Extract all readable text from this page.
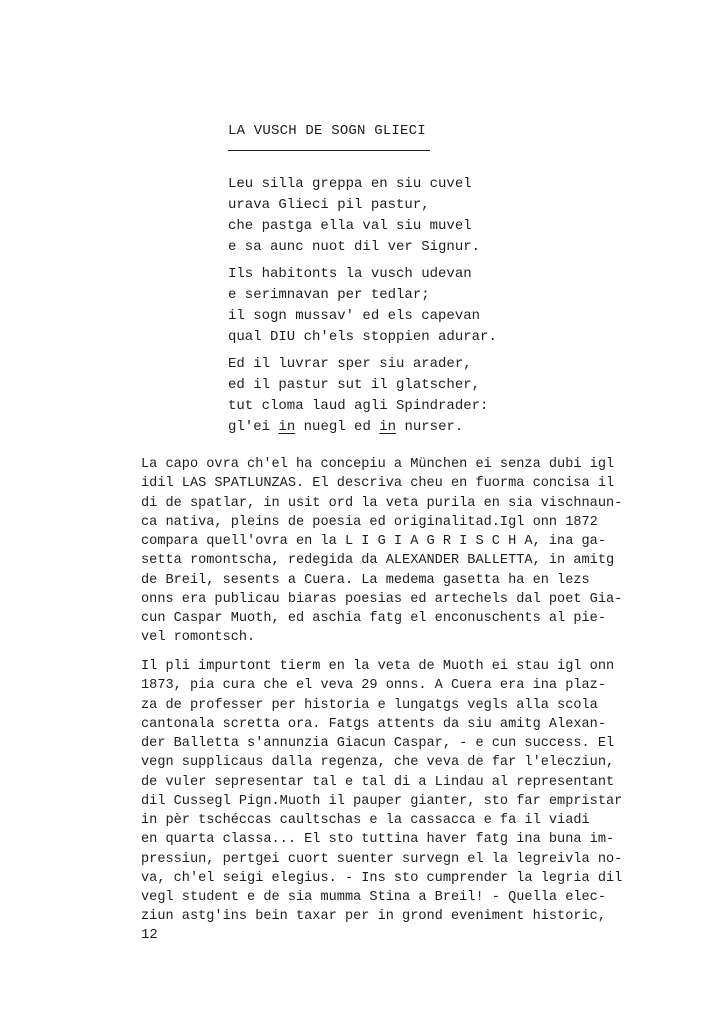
LA VUSCH DE SOGN GLIECI
Leu silla greppa en siu cuvel
urava Glieci pil pastur,
che pastga ella val siu muvel
e sa aunc nuot dil ver Signur.
Ils habitonts la vusch udevan
e serimnavan per tedlar;
il sogn mussav' ed els capevan
qual DIU ch'els stoppien adurar.
Ed il luvrar sper siu arader,
ed il pastur sut il glatscher,
tut cloma laud agli Spindrader:
gl'ei in nuegl ed in nurser.
La capo ovra ch'el ha concepiu a München ei senza dubi igl
idil LAS SPATLUNZAS. El descriva cheu en fuorma concisa il
di de spatlar, in usit ord la veta purila en sia vischnaun-
ca nativa, pleins de poesia ed originalitad.Igl onn 1872
compara quell'ovra en la L I G I A G R I S C H A, ina ga-
setta romontscha, redegida da ALEXANDER BALLETTA, in amitg
de Breil, sesents a Cuera. La medema gasetta ha en lezs
onns era publicau biaras poesias ed artechels dal poet Gia-
cun Caspar Muoth, ed aschia fatg el enconuschents al pie-
vel romontsch.
Il pli impurtont tierm en la veta de Muoth ei stau igl onn
1873, pia cura che el veva 29 onns. A Cuera era ina plaz-
za de professer per historia e lungatgs vegls alla scola
cantonala scretta ora. Fatgs attents da siu amitg Alexan-
der Balletta s'annunzia Giacun Caspar, - e cun success. El
vegn supplicaus dalla regenza, che veva de far l'elecziun,
de vuler sepresentar tal e tal di a Lindau al representant
dil Cussegl Pign.Muoth il pauper gianter, sto far empristar
in pèr tschéccas caultschas e la cassacca e fa il viadi
en quarta classa... El sto tuttina haver fatg ina buna im-
pressiun, pertgei cuort suenter survegn el la legreivla no-
va, ch'el seigi elegius. - Ins sto cumprender la legria dil
vegl student e de sia mumma Stina a Breil! - Quella elec-
ziun astg'ins bein taxar per in grond eveniment historic,
12
